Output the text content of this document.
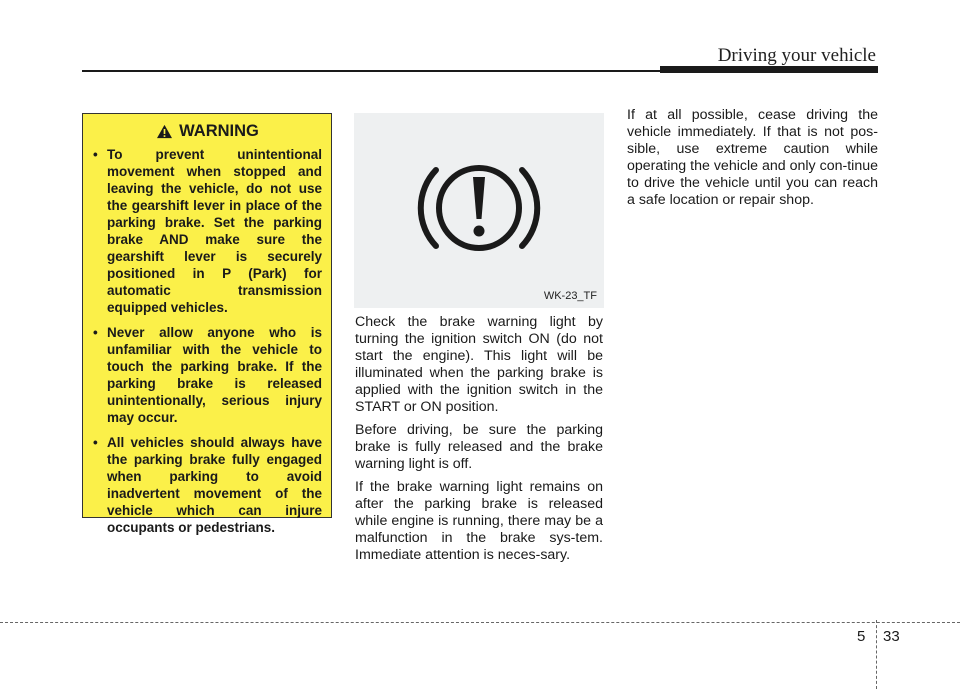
Driving your vehicle
WARNING
• To prevent unintentional movement when stopped and leaving the vehicle, do not use the gearshift lever in place of the parking brake. Set the parking brake AND make sure the gearshift lever is securely positioned in P (Park) for automatic transmission equipped vehicles.
• Never allow anyone who is unfamiliar with the vehicle to touch the parking brake. If the parking brake is released unintentionally, serious injury may occur.
• All vehicles should always have the parking brake fully engaged when parking to avoid inadvertent movement of the vehicle which can injure occupants or pedestrians.
WK-23_TF

Check the brake warning light by turning the ignition switch ON (do not start the engine). This light will be illuminated when the parking brake is applied with the ignition switch in the START or ON position.

Before driving, be sure the parking brake is fully released and the brake warning light is off.

If the brake warning light remains on after the parking brake is released while engine is running, there may be a malfunction in the brake sys-tem. Immediate attention is neces-sary.

If at all possible, cease driving the vehicle immediately. If that is not pos-sible, use extreme caution while operating the vehicle and only con-tinue to drive the vehicle until you can reach a safe location or repair shop.

5 33
